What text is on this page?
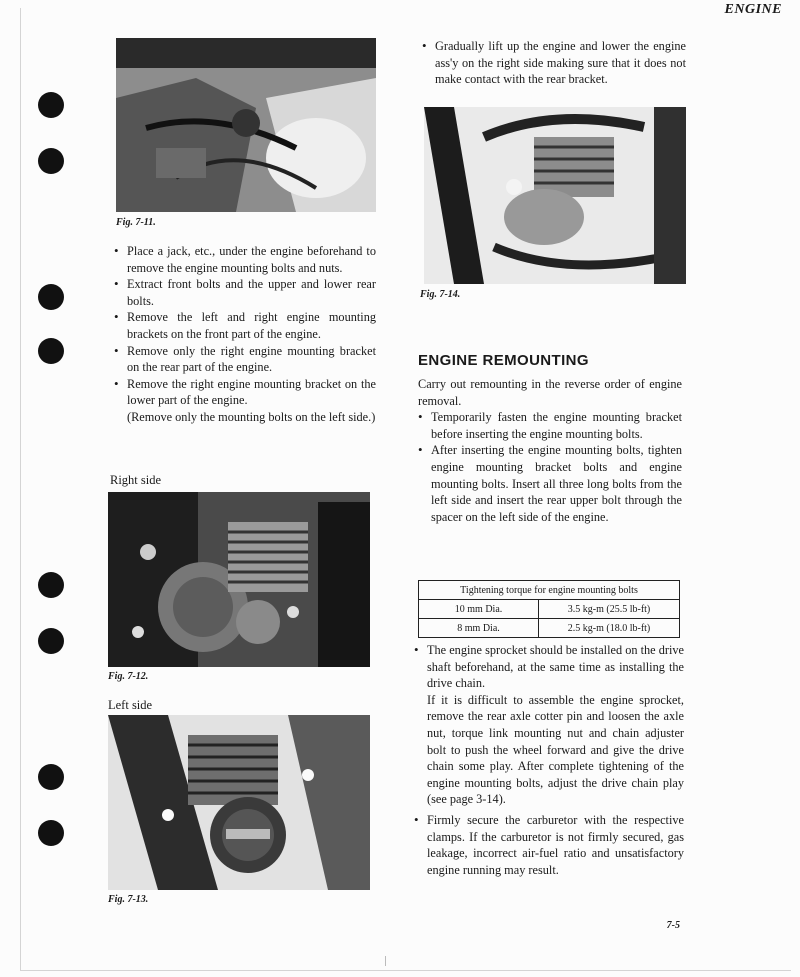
ENGINE
Fig. 7-11.

• Place a jack, etc., under the engine beforehand to remove the engine mounting bolts and nuts.

• Extract front bolts and the upper and lower rear bolts.

• Remove the left and right engine mounting brackets on the front part of the engine.

• Remove only the right engine mounting bracket on the rear part of the engine.

• Remove the right engine mounting bracket on the lower part of the engine.

(Remove only the mounting bolts on the left side.)

Right side
Fig. 7-12.
Left side
Fig. 7-13.

• Gradually lift up the engine and lower the engine ass'y on the right side making sure that it does not make contact with the rear bracket.

Fig. 7-14.
ENGINE REMOUNTING

Carry out remounting in the reverse order of engine removal.

• Temporarily fasten the engine mounting bracket before inserting the engine mounting bolts.

• After inserting the engine mounting bolts, tighten engine mounting bracket bolts and engine mounting bolts. Insert all three long bolts from the left side and insert the rear upper bolt through the spacer on the left side of the engine.

Tightening torque for engine mounting bolts	
10 mm Dia.	3.5 kg-m (25.5 lb-ft)
8 mm Dia.	2.5 kg-m (18.0 lb-ft)

• The engine sprocket should be installed on the drive shaft beforehand, at the same time as installing the drive chain.

If it is difficult to assemble the engine sprocket, remove the rear axle cotter pin and loosen the axle nut, torque link mounting nut and chain adjuster bolt to push the wheel forward and give the drive chain some play. After complete tightening of the engine mounting bolts, adjust the drive chain play (see page 3-14).

• Firmly secure the carburetor with the respective clamps. If the carburetor is not firmly secured, gas leakage, incorrect air-fuel ratio and unsatisfactory engine running may result.

7-5
